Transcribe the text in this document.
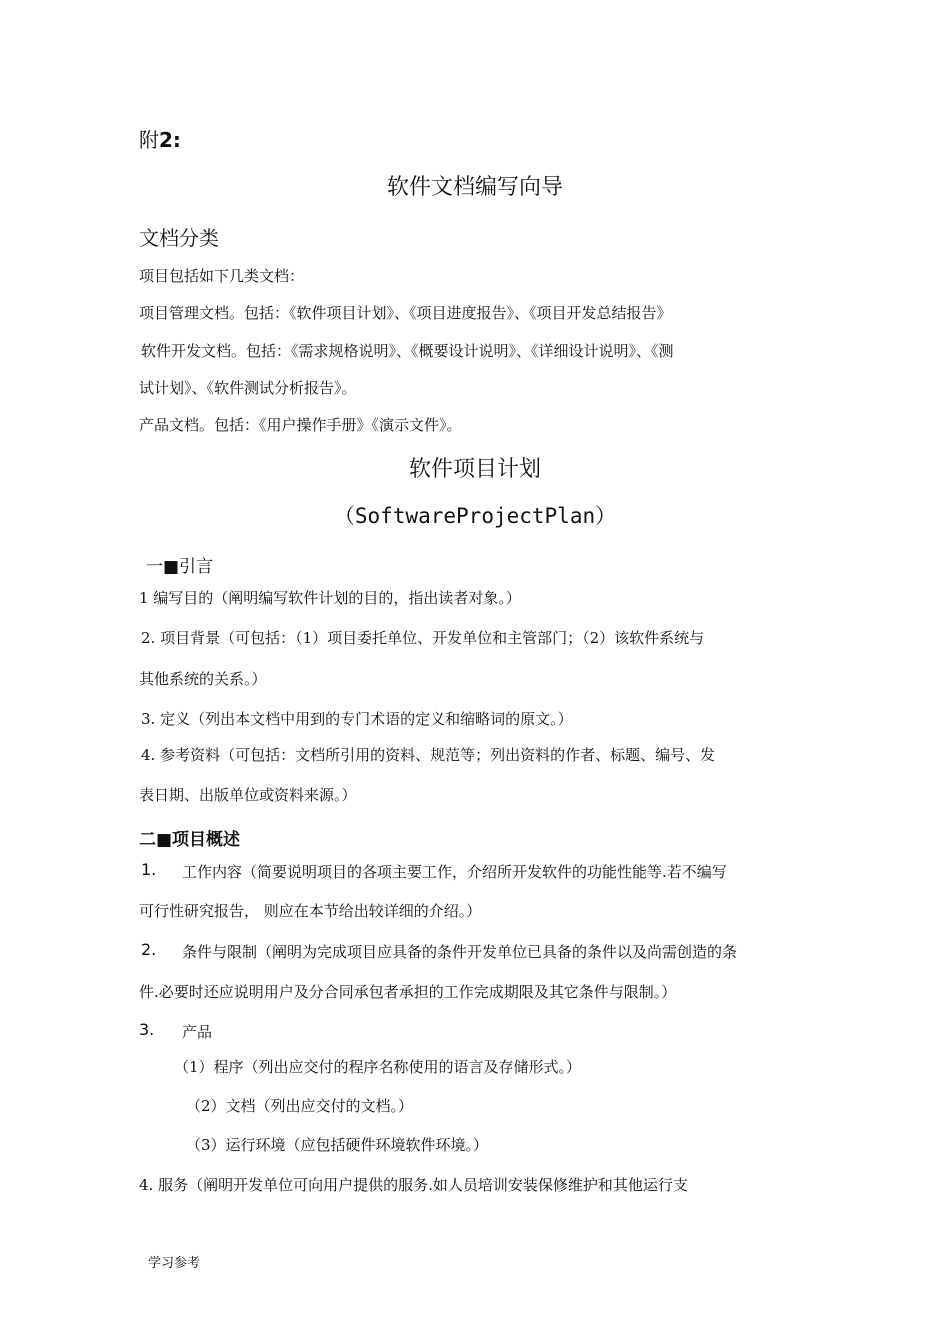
附2:
软件文档编写向导
文档分类
项目包括如下几类文档：
项目管理文档。包括：《软件项目计划》、《项目进度报告》、《项目开发总结报告》
软件开发文档。包括：《需求规格说明》、《概要设计说明》、《详细设计说明》、《测
试计划》、《软件测试分析报告》。
产品文档。包括：《用户操作手册》《演示文件》。
软件项目计划
（SoftwareProjectPlan）
一■引言
1 编写目的（阐明编写软件计划的目的，指出读者对象。）
2. 项目背景（可包括：（1）项目委托单位、开发单位和主管部门；（2）该软件系统与
其他系统的关系。）
3. 定义（列出本文档中用到的专门术语的定义和缩略词的原文。）
4. 参考资料（可包括：文档所引用的资料、规范等；列出资料的作者、标题、编号、发
表日期、出版单位或资料来源。）
二■项目概述
1. 工作内容（简要说明项目的各项主要工作，介绍所开发软件的功能性能等.若不编写
可行性研究报告， 则应在本节给出较详细的介绍。）
2. 条件与限制（阐明为完成项目应具备的条件开发单位已具备的条件以及尚需创造的条
件.必要时还应说明用户及分合同承包者承担的工作完成期限及其它条件与限制。）
3. 产品
（1）程序（列出应交付的程序名称使用的语言及存储形式。）
（2）文档（列出应交付的文档。）
（3）运行环境（应包括硬件环境软件环境。）
4. 服务（阐明开发单位可向用户提供的服务.如人员培训安装保修维护和其他运行支
学习参考
